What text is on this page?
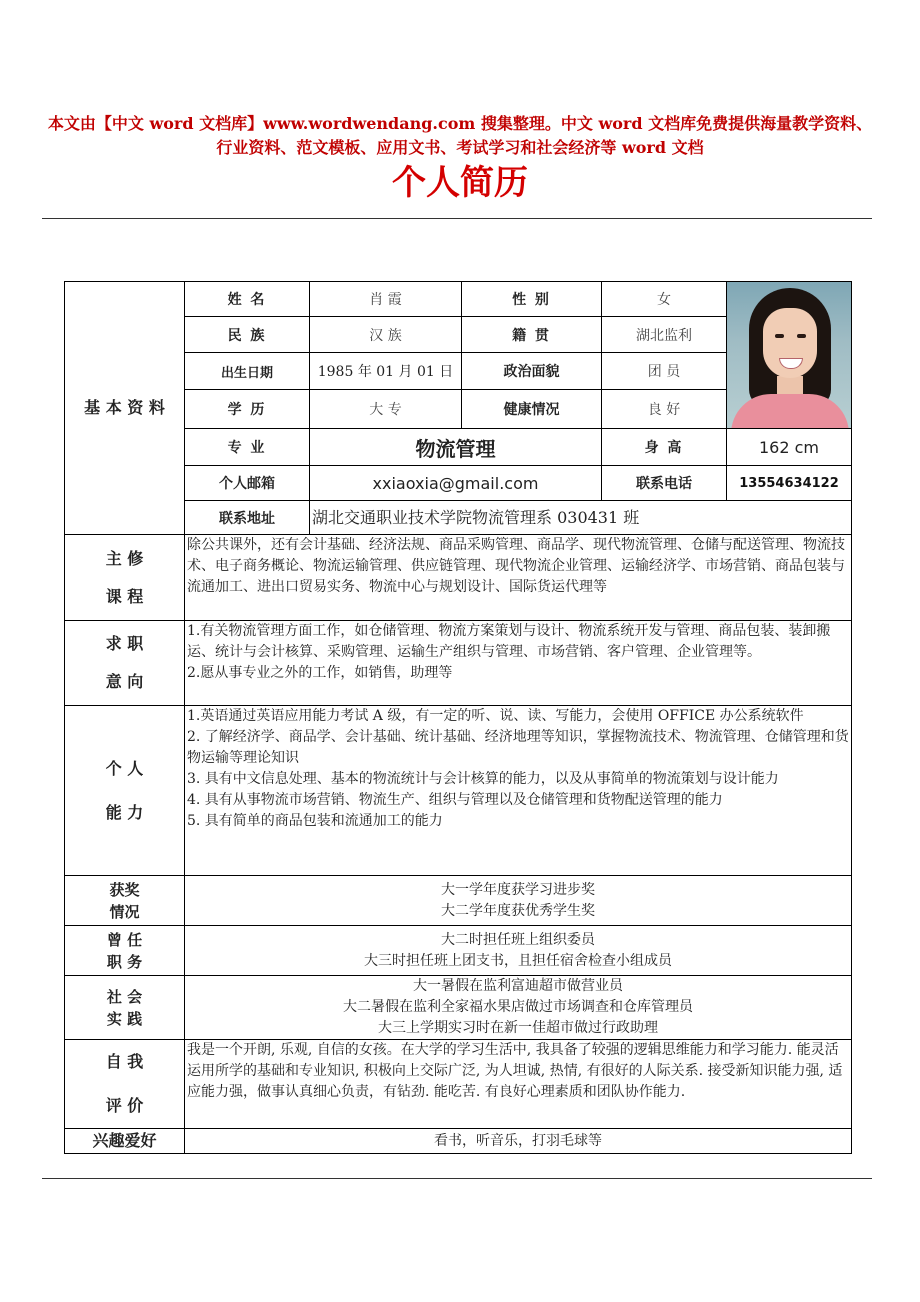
本文由【中文 word 文档库】www.wordwendang.com 搜集整理。中文 word 文档库免费提供海量教学资料、
行业资料、范文模板、应用文书、考试学习和社会经济等 word 文档
个人简历
基 本 资 料	姓 名	肖 霞	性 别	女	

	民 族	汉 族	籍 贯	湖北监利	
	出生日期	1985 年 01 月 01 日	政治面貌	团 员	
	学 历	大 专	健康情况	良 好	
	专 业	物流管理		身 高	162 cm
	个人邮箱	xxiaoxia@gmail.com		联系电话	13554634122
	联系地址	湖北交通职业技术学院物流管理系 030431 班			

主 修
课 程	除公共课外，还有会计基础、经济法规、商品采购管理、商品学、现代物流管理、仓储与配送管理、物流技术、电子商务概论、物流运输管理、供应链管理、现代物流企业管理、运输经济学、市场营销、商品包装与流通加工、进出口贸易实务、物流中心与规划设计、国际货运代理等				

求 职
意 向	1.有关物流管理方面工作，如仓储管理、物流方案策划与设计、物流系统开发与管理、商品包装、装卸搬运、统计与会计核算、采购管理、运输生产组织与管理、市场营销、客户管理、企业管理等。
2.愿从事专业之外的工作，如销售，助理等				

个 人
能 力	1.英语通过英语应用能力考试 A 级，有一定的听、说、读、写能力，会使用 OFFICE 办公系统软件
2. 了解经济学、商品学、会计基础、统计基础、经济地理等知识，掌握物流技术、物流管理、仓储管理和货物运输等理论知识
3. 具有中文信息处理、基本的物流统计与会计核算的能力，以及从事简单的物流策划与设计能力
4. 具有从事物流市场营销、物流生产、组织与管理以及仓储管理和货物配送管理的能力
5. 具有简单的商品包装和流通加工的能力				

获奖
情况	大一学年度获学习进步奖
大二学年度获优秀学生奖				

曾 任
职 务	大二时担任班上组织委员
大三时担任班上团支书，且担任宿舍检查小组成员				

社 会
实 践	大一暑假在监利富迪超市做营业员
大二暑假在监利全家福水果店做过市场调查和仓库管理员
大三上学期实习时在新一佳超市做过行政助理				

自 我
评 价	我是一个开朗, 乐观, 自信的女孩。在大学的学习生活中, 我具备了较强的逻辑思维能力和学习能力. 能灵活运用所学的基础和专业知识, 积极向上交际广泛, 为人坦诚, 热情, 有很好的人际关系. 接受新知识能力强, 适应能力强，做事认真细心负责，有钻劲. 能吃苦. 有良好心理素质和团队协作能力.				
兴趣爱好	看书，听音乐，打羽毛球等				
